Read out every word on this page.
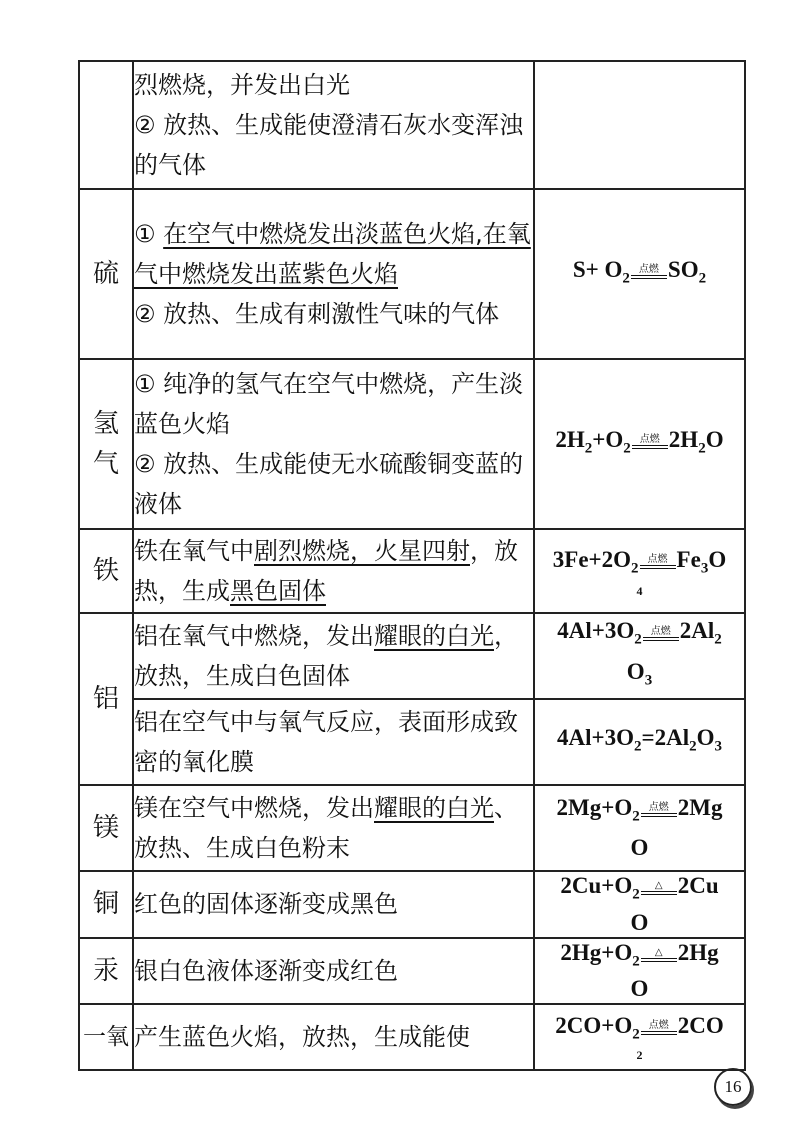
	烈燃烧，并发出白光
② 放热、生成能使澄清石灰水变浑浊的气体	
硫	① 在空气中燃烧发出淡蓝色火焰,在氧气中燃烧发出蓝紫色火焰
② 放热、生成有刺激性气味的气体	$S+ O_2$
点燃 $SO_2$
氢
气	① 纯净的氢气在空气中燃烧，产生淡蓝色火焰
② 放热、生成能使无水硫酸铜变蓝的液体	$2H_2+O_2$
点燃 $2H_2O$
铁	铁在氧气中剧烈燃烧，火星四射，放热，生成黑色固体	$3Fe+2O_2$
点燃 $Fe_3O$
4

铝	铝在氧气中燃烧，发出耀眼的白光，放热，生成白色固体	$4Al+3O_2$
点燃 $2Al_2$
$O_3$
	铝在空气中与氧气反应，表面形成致密的氧化膜	$4Al+3O_2=2Al_2O_3$
镁	镁在空气中燃烧，发出耀眼的白光、放热、生成白色粉末	$2Mg+O_2$
点燃 2Mg
O
铜	红色的固体逐渐变成黑色	$2Cu+O_2$
△ 2Cu
O
汞	银白色液体逐渐变成红色	$2Hg+O_2$
△ 2Hg
O
一氧	产生蓝色火焰，放热，生成能使	$2CO+O_2$
点燃 2CO
2
16
